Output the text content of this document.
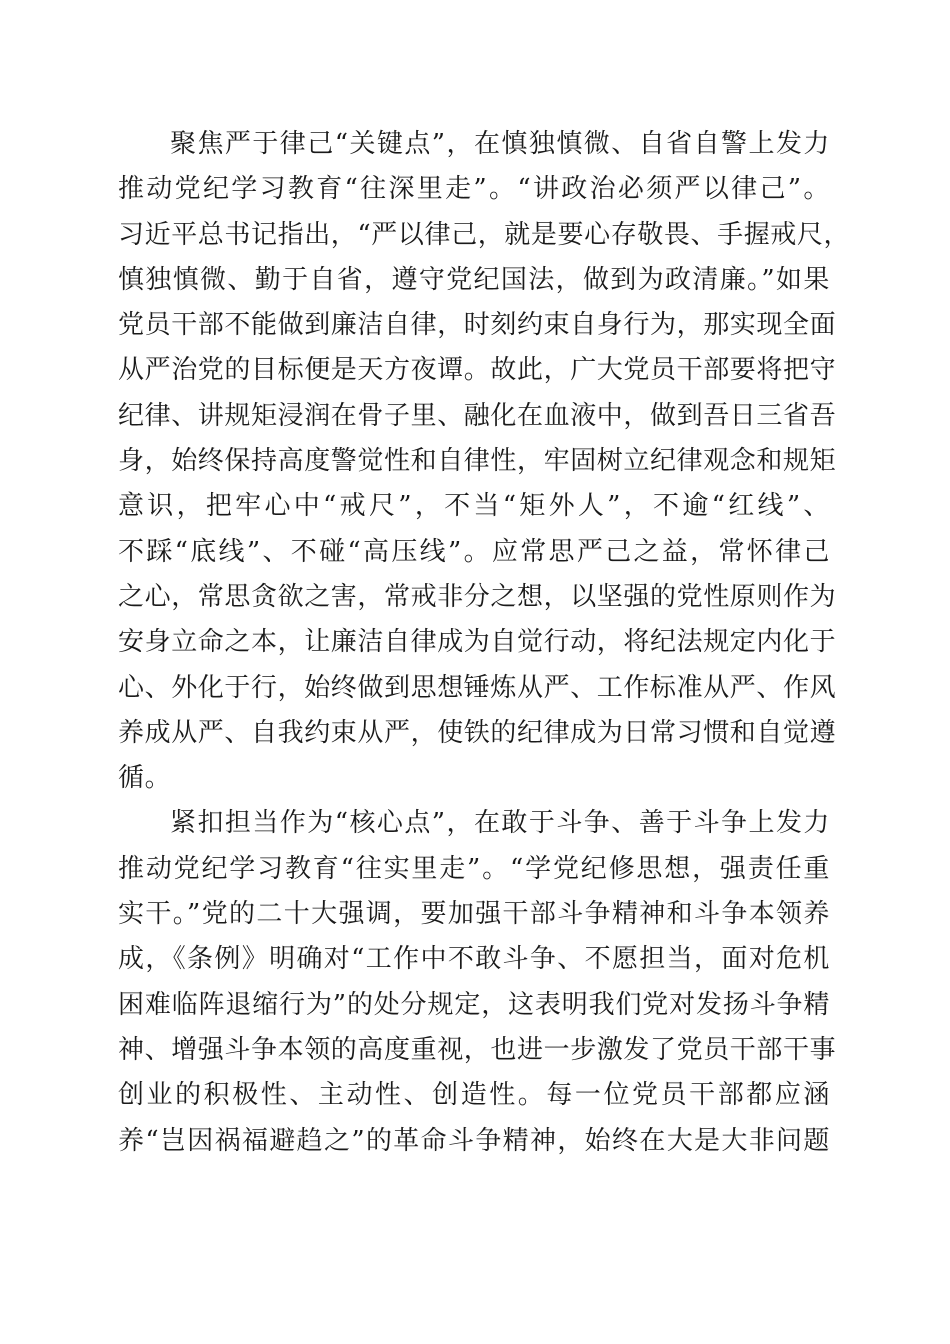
聚焦严于律己“关键点”，在慎独慎微、自省自警上发力
推动党纪学习教育“往深里走”。“讲政治必须严以律己”。
习近平总书记指出，“严以律己，就是要心存敬畏、手握戒尺，
慎独慎微、勤于自省，遵守党纪国法，做到为政清廉。”如果
党员干部不能做到廉洁自律，时刻约束自身行为，那实现全面
从严治党的目标便是天方夜谭。故此，广大党员干部要将把守
纪律、讲规矩浸润在骨子里、融化在血液中，做到吾日三省吾
身，始终保持高度警觉性和自律性，牢固树立纪律观念和规矩
意识，把牢心中“戒尺”，不当“矩外人”，不逾“红线”、
不踩“底线”、不碰“高压线”。应常思严己之益，常怀律己
之心，常思贪欲之害，常戒非分之想，以坚强的党性原则作为
安身立命之本，让廉洁自律成为自觉行动，将纪法规定内化于
心、外化于行，始终做到思想锤炼从严、工作标准从严、作风
养成从严、自我约束从严，使铁的纪律成为日常习惯和自觉遵
循。
紧扣担当作为“核心点”，在敢于斗争、善于斗争上发力
推动党纪学习教育“往实里走”。“学党纪修思想，强责任重
实干。”党的二十大强调，要加强干部斗争精神和斗争本领养
成，《条例》明确对“工作中不敢斗争、不愿担当，面对危机
困难临阵退缩行为”的处分规定，这表明我们党对发扬斗争精
神、增强斗争本领的高度重视，也进一步激发了党员干部干事
创业的积极性、主动性、创造性。每一位党员干部都应涵
养“岂因祸福避趋之”的革命斗争精神，始终在大是大非问题
